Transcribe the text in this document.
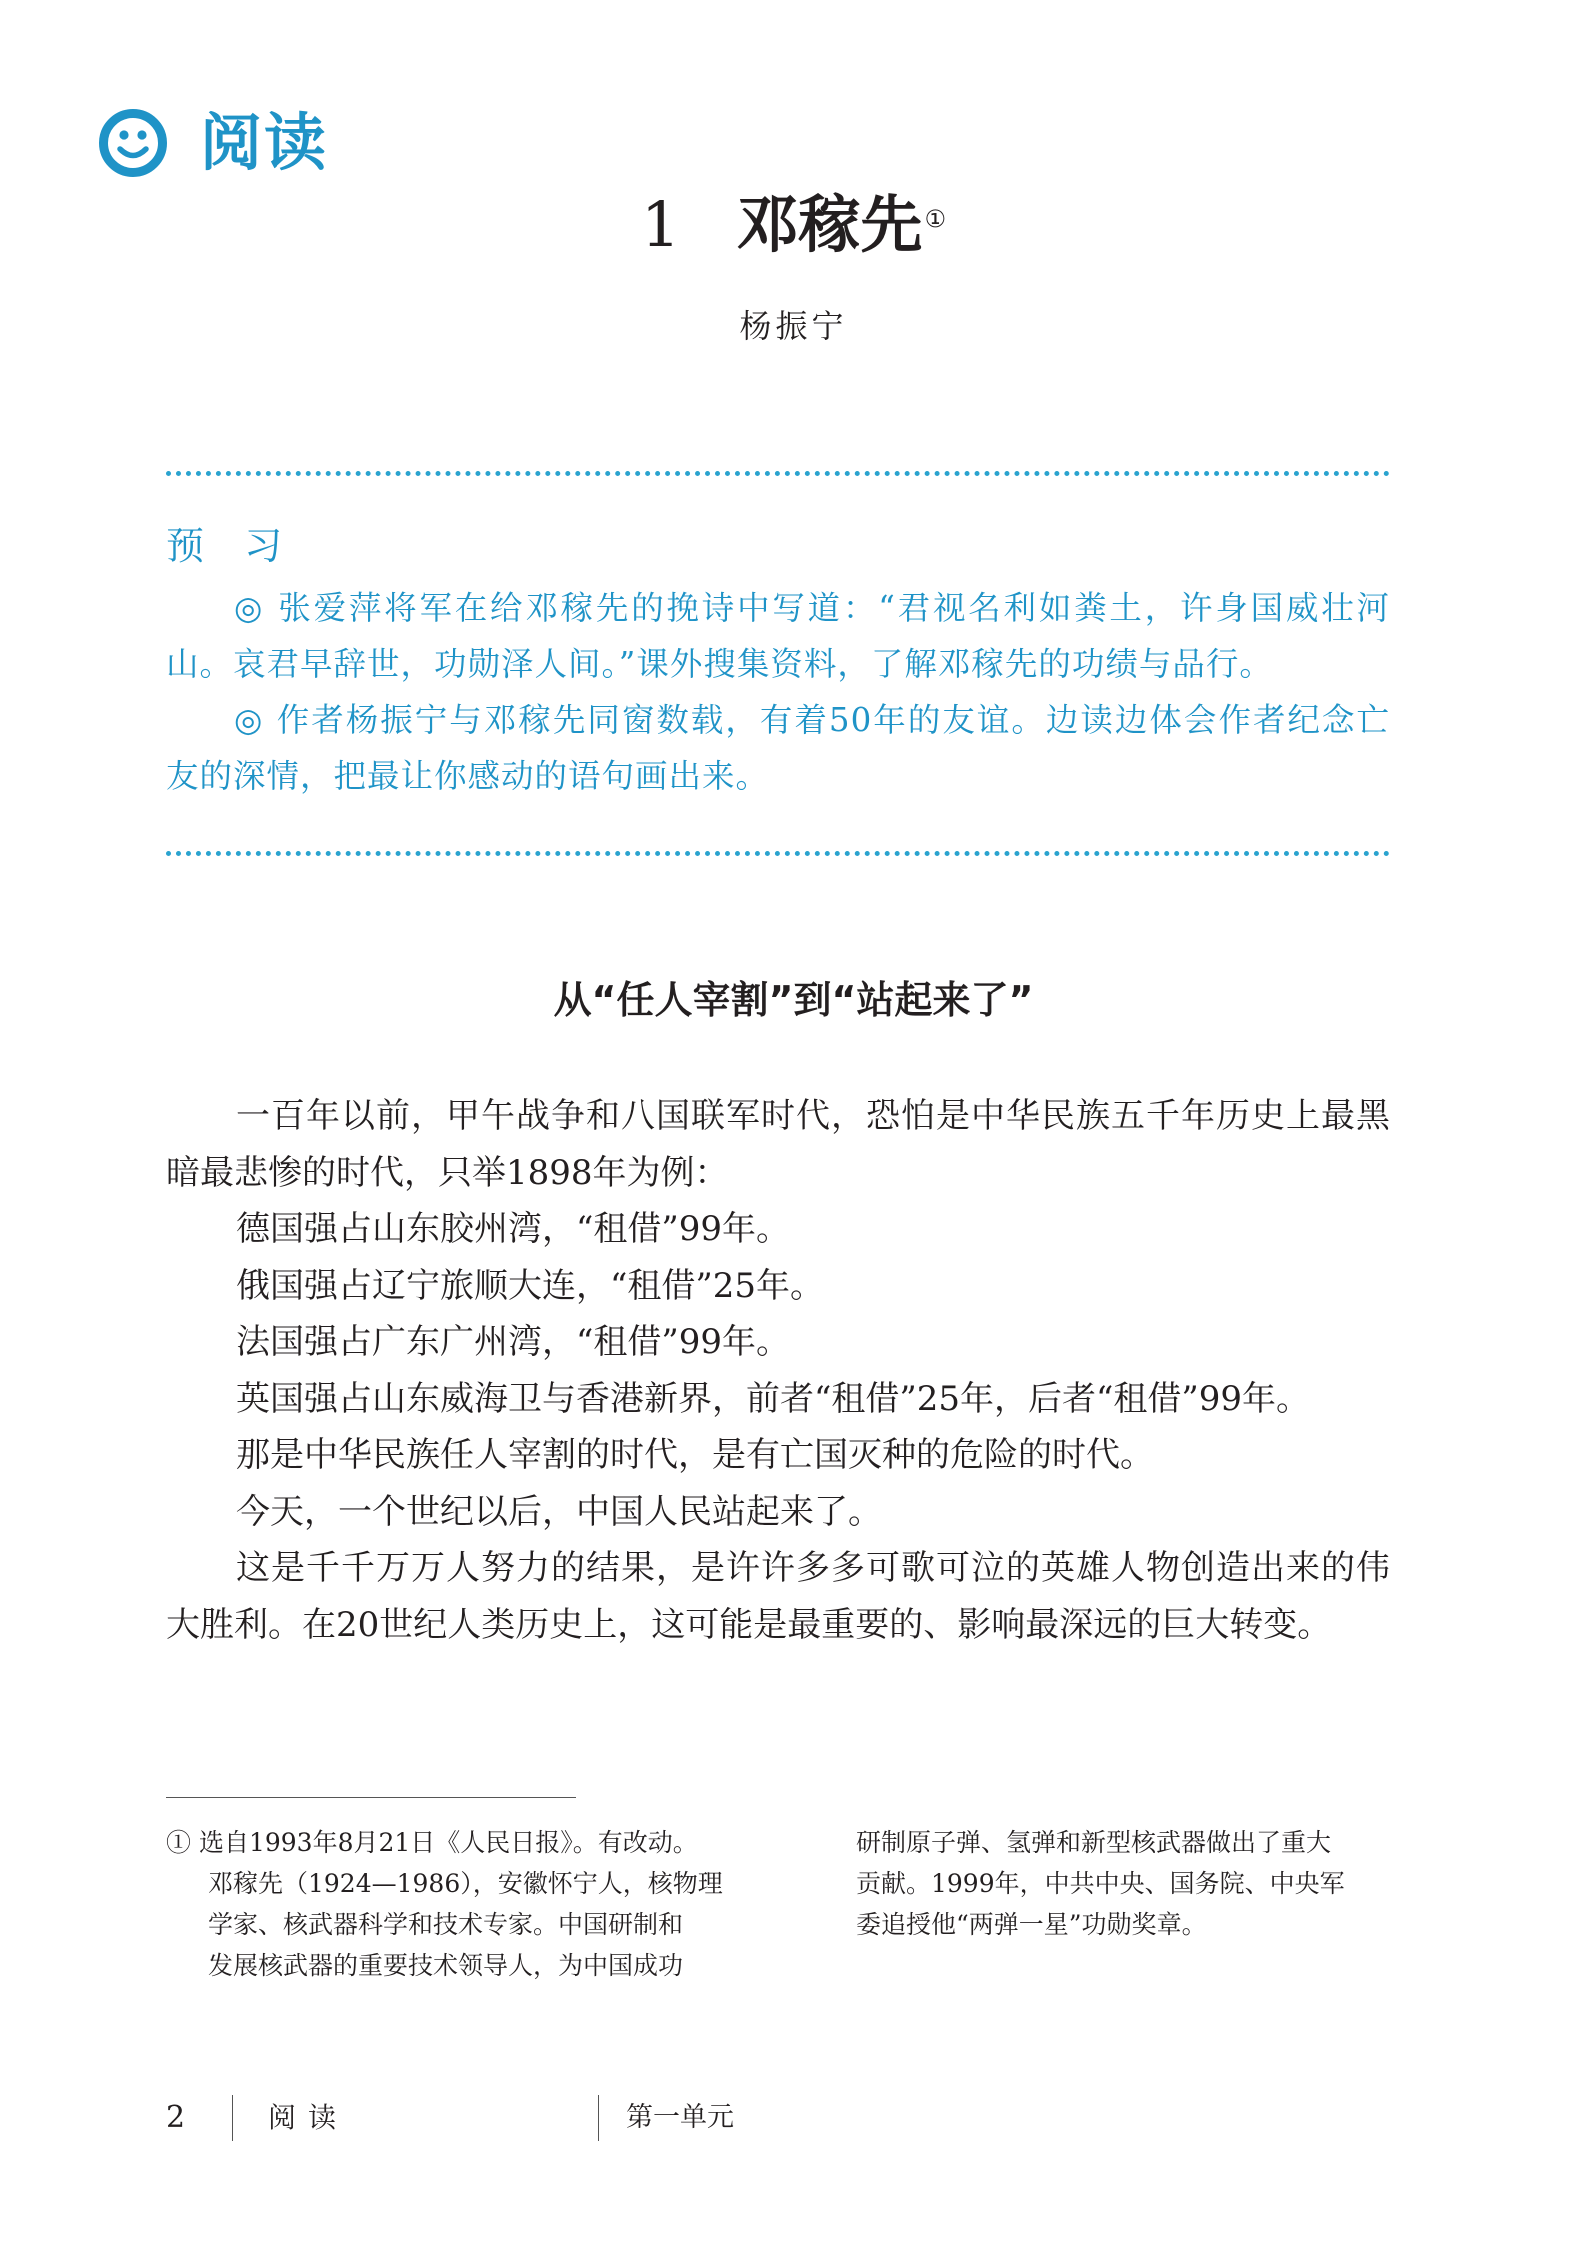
阅读
1 邓稼先①
杨振宁
预 习

◎ 张爱萍将军在给邓稼先的挽诗中写道：“君视名利如粪土，许身国威壮河山。哀君早辞世，功勋泽人间。”课外搜集资料，了解邓稼先的功绩与品行。

◎ 作者杨振宁与邓稼先同窗数载，有着50年的友谊。边读边体会作者纪念亡友的深情，把最让你感动的语句画出来。

从“任人宰割”到“站起来了”

一百年以前，甲午战争和八国联军时代，恐怕是中华民族五千年历史上最黑暗最悲惨的时代，只举1898年为例：

德国强占山东胶州湾，“租借”99年。

俄国强占辽宁旅顺大连，“租借”25年。

法国强占广东广州湾，“租借”99年。

英国强占山东威海卫与香港新界，前者“租借”25年，后者“租借”99年。

那是中华民族任人宰割的时代，是有亡国灭种的危险的时代。

今天，一个世纪以后，中国人民站起来了。

这是千千万万人努力的结果，是许许多多可歌可泣的英雄人物创造出来的伟大胜利。在20世纪人类历史上，这可能是最重要的、影响最深远的巨大转变。

① 选自1993年8月21日《人民日报》。有改动。

邓稼先（1924—1986），安徽怀宁人，核物理

学家、核武器科学和技术专家。中国研制和

发展核武器的重要技术领导人，为中国成功

研制原子弹、氢弹和新型核武器做出了重大

贡献。1999年，中共中央、国务院、中央军

委追授他“两弹一星”功勋奖章。

2	阅读	第一单元
